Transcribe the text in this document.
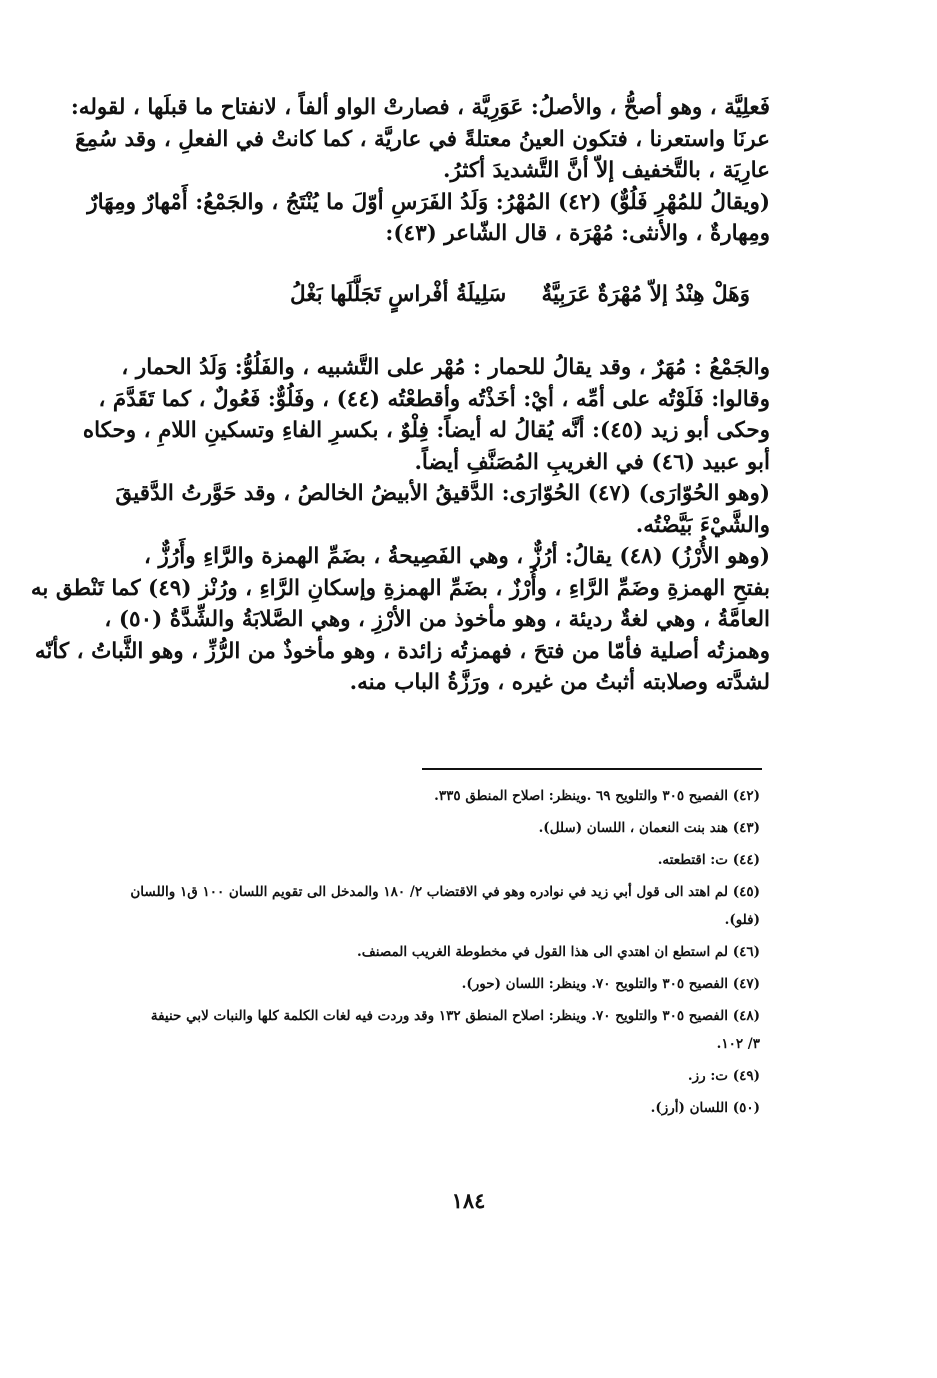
فَعلِيَّة ، وهو أصحُّ ، والأصلُ: عَوَرِيَّة ، فصارتْ الواو ألفاً ، لانفتاح ما قبلَها ، لقوله:
عرنَا واستعرنا ، فتكون العينُ معتلةً في عاريَّة ، كما كانتْ في الفعلِ ، وقد سُمِعَ
عارِيَة ، بالتَّخفيف إلاّ أنَّ التَّشديدَ أكثرُ.
(ويقالُ للمُهْرِ فَلُوٌّ) (٤٢) المُهْرُ: وَلَدُ الفَرَسِ أوّلَ ما يُنْتَجُ ، والجَمْعُ: أَمْهارٌ ومِهَارٌ
ومِهارةٌ ، والأنثى: مُهْرَة ، قال الشّاعر (٤٣):
وَهَلْ هِنْدُ إلاّ مُهْرَةٌ عَرَبِيَّةٌ
سَلِيلَةُ أفْراسٍ تَجَلَّلَها بَغْلُ
والجَمْعُ : مُهَرٌ ، وقد يقالُ للحمار : مُهْر على التَّشبيه ، والفَلُوُّ: وَلَدُ الحمار ،
وقالوا: فَلَوْتُه على أمِّه ، أيْ: أخَذْتُه وأقطعْتُه (٤٤) ، وفَلُوٌّ: فَعُولٌ ، كما تَقَدَّمَ ،
وحكى أبو زيد (٤٥): أنَّه يُقالُ له أيضاً: فِلْوٌ ، بكسرِ الفاءِ وتسكينِ اللامِ ، وحكاه
أبو عبيد (٤٦) في الغريبِ المُصَنَّفِ أيضاً.
(وهو الحُوّارَى) (٤٧) الحُوّارَى: الدَّقيقُ الأبيضُ الخالصُ ، وقد حَوَّرتُ الدَّقيقَ
والشَّيْءَ بَيَّضْتُه.
(وهو الأُرْزُ) (٤٨) يقالُ: أرُزٌّ ، وهي الفَصِيحةُ ، بضَمِّ الهمزة والرَّاءِ وأَرُزٌّ ،
بفتحِ الهمزةِ وضَمِّ الرَّاءِ ، وأُرْزٌ ، بضَمِّ الهمزةِ وإسكانِ الرَّاءِ ، ورُنْز (٤٩) كما تَنْطق به
العامَّةُ ، وهي لغةٌ رديئة ، وهو مأخوذ من الأرْزِ ، وهي الصَّلابَةُ والشِّدَّةُ (٥٠) ،
وهمزتُه أصلية فأمّا من فتحَ ، فهمزتُه زائدة ، وهو مأخوذٌ من الرُّزِّ ، وهو الثَّباتُ ، كأنّه
لشدَّته وصلابته أثبتُ من غيره ، ورَزَّةُ الباب منه.
(٤٢) الفصيح ٣٠٥ والتلويح ٦٩ .وينظر: اصلاح المنطق ٣٣٥.
(٤٣) هند بنت النعمان ، اللسان (سلل).
(٤٤) ت: اقتطعته.
(٤٥) لم اهتد الى قول أبي زيد في نوادره وهو في الاقتضاب ٢/ ١٨٠ والمدخل الى تقويم اللسان ١٠٠ ق١ واللسان
(فلو).
(٤٦) لم استطع ان اهتدي الى هذا القول في مخطوطة الغريب المصنف.
(٤٧) الفصيح ٣٠٥ والتلويح ٧٠. وينظر: اللسان (حور).
(٤٨) الفصيح ٣٠٥ والتلويح ٧٠. وينظر: اصلاح المنطق ١٣٢ وقد وردت فيه لغات الكلمة كلها والنبات لابي حنيفة
٣/ ١٠٢.
(٤٩) ت: رز.
(٥٠) اللسان (أرز).
١٨٤
